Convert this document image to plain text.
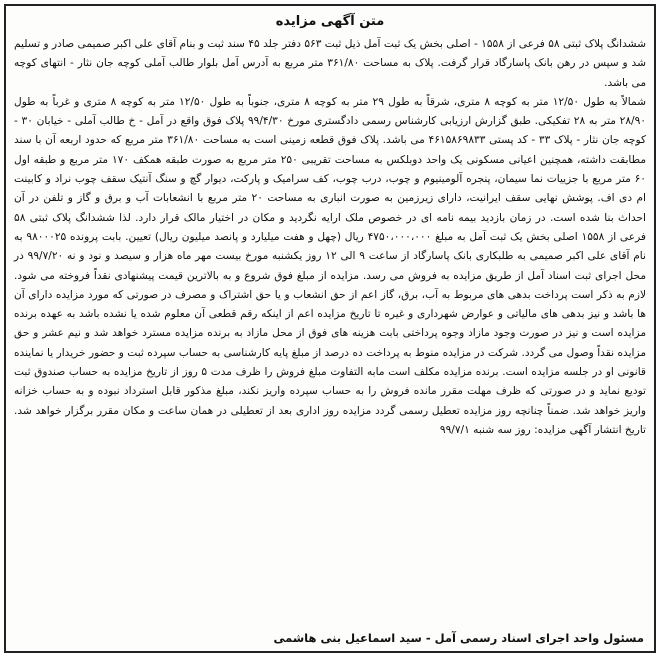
متن آگهی مزایده

ششدانگ پلاک ثبتی ۵۸ فرعی از ۱۵۵۸ - اصلی بخش یک ثبت آمل ذیل ثبت ۵۶۳ دفتر جلد ۴۵ سند ثبت و بنام آقای علی اکبر صمیمی صادر و تسلیم شد و سپس در رهن بانک پاسارگاد قرار گرفت. پلاک به مساحت ۳۶۱/۸۰ متر مربع به آدرس آمل بلوار طالب آملی کوچه جان نثار - انتهای کوچه می باشد.

شمالاً به طول ۱۲/۵۰ متر به کوچه ۸ متری، شرقاً به طول ۲۹ متر به کوچه ۸ متری، جنوباً به طول ۱۲/۵۰ متر به کوچه ۸ متری و غرباً به طول ۲۸/۹۰ متر به ۲۸ تفکیکی. طبق گزارش ارزیابی کارشناس رسمی دادگستری مورخ ۹۹/۴/۳۰ پلاک فوق واقع در آمل - خ طالب آملی - خیابان ۳۰ - کوچه جان نثار - پلاک ۳۳ - کد پستی ۴۶۱۵۸۶۹۸۳۳ می باشد. پلاک فوق قطعه زمینی است به مساحت ۳۶۱/۸۰ متر مربع که حدود اربعه آن با سند مطابقت داشته، همچنین اعیانی مسکونی یک واحد دوبلکس به مساحت تقریبی ۲۵۰ متر مربع به صورت طبقه همکف ۱۷۰ متر مربع و طبقه اول ۶۰ متر مربع با جزییات نما سیمان، پنجره آلومینیوم و چوب، درب چوب، کف سرامیک و پارکت، دیوار گچ و سنگ آنتیک سقف چوب نراد و کابینت ام دی اف. پوشش نهایی سقف ایرانیت، دارای زیرزمین به صورت انباری به مساحت ۲۰ متر مربع با انشعابات آب و برق و گاز و تلفن در آن احداث بنا شده است. در زمان بازدید بیمه نامه ای در خصوص ملک ارایه نگردید و مکان در اختیار مالک قرار دارد. لذا ششدانگ پلاک ثبتی ۵۸ فرعی از ۱۵۵۸ اصلی بخش یک ثبت آمل به مبلغ ۴۷۵۰،۰۰۰،۰۰۰ ریال (چهل و هفت میلیارد و پانصد میلیون ریال) تعیین. بابت پرونده ۹۸۰۰۰۲۵ به نام آقای علی اکبر صمیمی به طلبکاری بانک پاسارگاد از ساعت ۹ الی ۱۲ روز یکشنبه مورخ بیست مهر ماه هزار و سیصد و نود و نه ۹۹/۷/۲۰ در محل اجرای ثبت اسناد آمل از طریق مزایده به فروش می رسد. مزایده از مبلغ فوق شروع و به بالاترین قیمت پیشنهادی نقداً فروخته می شود. لازم به ذکر است پرداخت بدهی های مربوط به آب، برق، گاز اعم از حق انشعاب و یا حق اشتراک و مصرف در صورتی که مورد مزایده دارای آن ها باشد و نیز بدهی های مالیاتی و عوارض شهرداری و غیره تا تاریخ مزایده اعم از اینکه رقم قطعی آن معلوم شده یا نشده باشد به عهده برنده مزایده است و نیز در صورت وجود مازاد وجوه پرداختی بابت هزینه های فوق از محل مازاد به برنده مزایده مسترد خواهد شد و نیم عشر و حق مزایده نقداً وصول می گردد. شرکت در مزایده منوط به پرداخت ده درصد از مبلغ پایه کارشناسی به حساب سپرده ثبت و حضور خریدار یا نماینده قانونی او در جلسه مزایده است. برنده مزایده مکلف است مابه التفاوت مبلغ فروش را ظرف مدت ۵ روز از تاریخ مزایده به حساب صندوق ثبت تودیع نماید و در صورتی که ظرف مهلت مقرر مانده فروش را به حساب سپرده واریز نکند، مبلغ مذکور قابل استرداد نبوده و به حساب خزانه واریز خواهد شد. ضمناً چنانچه روز مزایده تعطیل رسمی گردد مزایده روز اداری بعد از تعطیلی در همان ساعت و مکان مقرر برگزار خواهد شد. تاریخ انتشار آگهی مزایده: روز سه شنبه ۹۹/۷/۱

مسئول واحد اجرای اسناد رسمی آمل - سید اسماعیل بنی هاشمی
